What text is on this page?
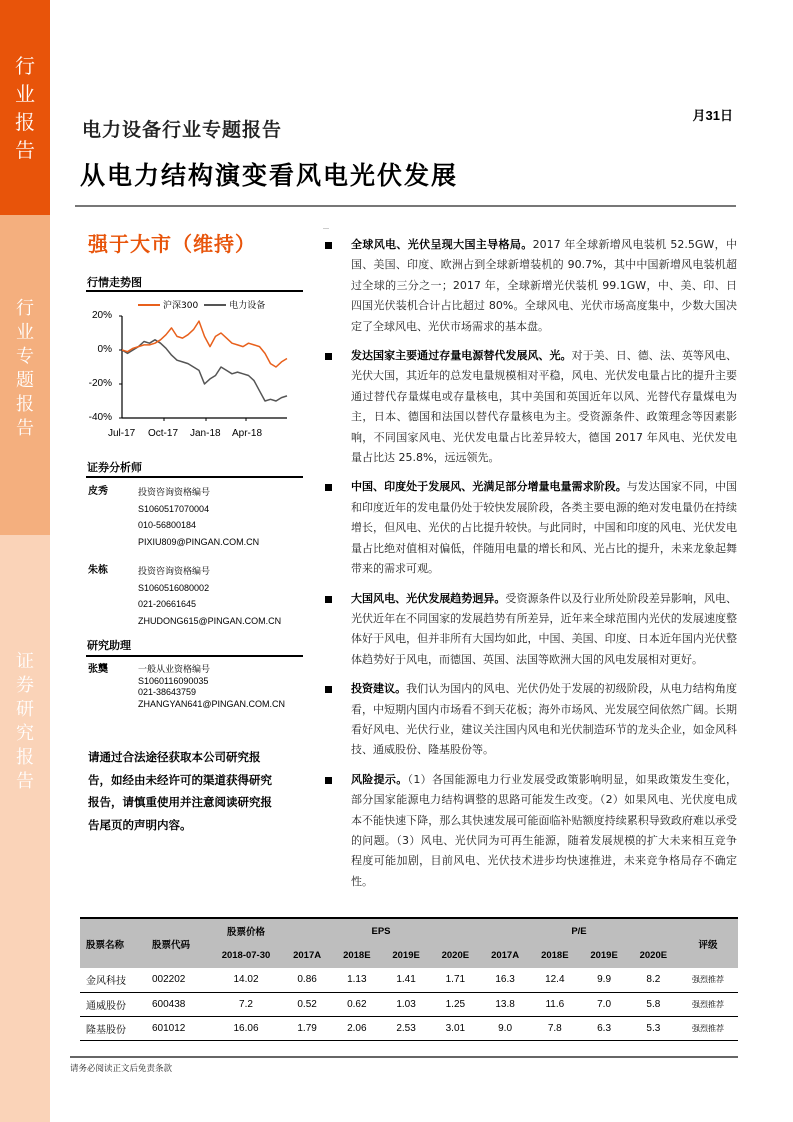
行业报告
行业专题报告
证券研究报告
月31日
电力设备行业专题报告
从电力结构演变看风电光伏发展
强于大市（维持）
行情走势图
沪深300	电力设备
20%
0%
-20%
-40%
Jul-17 Oct-17 Jan-18 Apr-18
证券分析师
皮秀	投资咨询资格编号
S1060517070004
010-56800184
PIXIU809@PINGAN.COM.CN
朱栋	投资咨询资格编号
S1060516080002
021-20661645
ZHUDONG615@PINGAN.COM.CN
研究助理
张龑	一般从业资格编号
S1060116090035
021-38643759
ZHANGYAN641@PINGAN.COM.CN
请通过合法途径获取本公司研究报告，如经由未经许可的渠道获得研究报告，请慎重使用并注意阅读研究报告尾页的声明内容。
全球风电、光伏呈现大国主导格局。2017 年全球新增风电装机 52.5GW，中国、美国、印度、欧洲占到全球新增装机的 90.7%，其中中国新增风电装机超过全球的三分之一；2017 年，全球新增光伏装机 99.1GW，中、美、印、日四国光伏装机合计占比超过 80%。全球风电、光伏市场高度集中，少数大国决定了全球风电、光伏市场需求的基本盘。
发达国家主要通过存量电源替代发展风、光。对于美、日、德、法、英等风电、光伏大国，其近年的总发电量规模相对平稳，风电、光伏发电量占比的提升主要通过替代存量煤电或存量核电，其中美国和英国近年以风、光替代存量煤电为主，日本、德国和法国以替代存量核电为主。受资源条件、政策理念等因素影响，不同国家风电、光伏发电量占比差异较大，德国 2017 年风电、光伏发电量占比达 25.8%，远远领先。
中国、印度处于发展风、光满足部分增量电量需求阶段。与发达国家不同，中国和印度近年的发电量仍处于较快发展阶段，各类主要电源的绝对发电量仍在持续增长，但风电、光伏的占比提升较快。与此同时，中国和印度的风电、光伏发电量占比绝对值相对偏低，伴随用电量的增长和风、光占比的提升，未来龙象起舞带来的需求可观。
大国风电、光伏发展趋势迥异。受资源条件以及行业所处阶段差异影响，风电、光伏近年在不同国家的发展趋势有所差异，近年来全球范围内光伏的发展速度整体好于风电，但并非所有大国均如此，中国、美国、印度、日本近年国内光伏整体趋势好于风电，而德国、英国、法国等欧洲大国的风电发展相对更好。
投资建议。我们认为国内的风电、光伏仍处于发展的初级阶段，从电力结构角度看，中短期内国内市场看不到天花板；海外市场风、光发展空间依然广阔。长期看好风电、光伏行业，建议关注国内风电和光伏制造环节的龙头企业，如金风科技、通威股份、隆基股份等。
风险提示。（1）各国能源电力行业发展受政策影响明显，如果政策发生变化，部分国家能源电力结构调整的思路可能发生改变。（2）如果风电、光伏度电成本不能快速下降，那么其快速发展可能面临补贴额度持续累积导致政府难以承受的问题。（3）风电、光伏同为可再生能源，随着发展规模的扩大未来相互竞争程度可能加剧，目前风电、光伏技术进步均快速推进，未来竞争格局存不确定性。
股票名称	股票代码	股票价格	EPS				P/E				评级
		2018-07-30	2017A	2018E	2019E	2020E	2017A	2018E	2019E	2020E	
金风科技	002202	14.02	0.86	1.13	1.41	1.71	16.3	12.4	9.9	8.2	强烈推荐
通威股份	600438	7.2	0.52	0.62	1.03	1.25	13.8	11.6	7.0	5.8	强烈推荐
隆基股份	601012	16.06	1.79	2.06	2.53	3.01	9.0	7.8	6.3	5.3	强烈推荐
请务必阅读正文后免责条款
